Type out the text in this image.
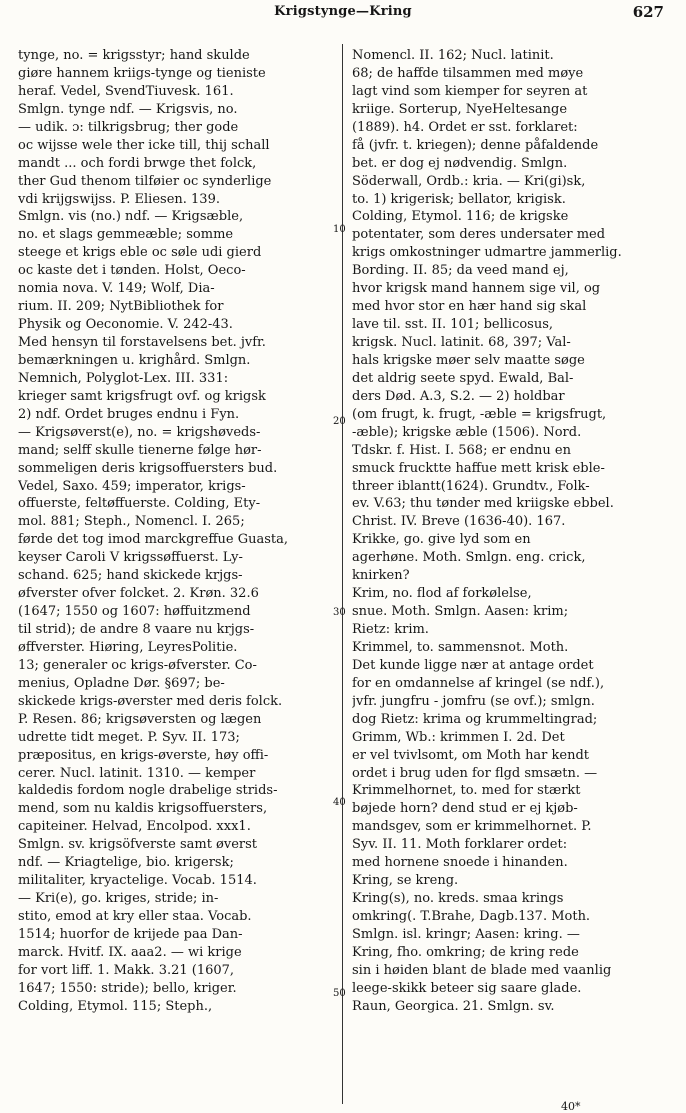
Krigstynge—Kring	627
tynge, no. = krigsstyr; hand skulde
giøre hannem kriigs-tynge og tieniste
heraf. Vedel, SvendTiuvesk. 161.
Smlgn. tynge ndf. — Krigsvis, no.
— udik. ɔ: tilkrigsbrug; ther gode
oc wijsse wele ther icke till, thij schall
mandt ... och fordi brwge thet folck,
ther Gud thenom tilføier oc synderlige
vdi krijgswijss. P. Eliesen. 139.
Smlgn. vis (no.) ndf. — Krigsæble,
no. et slags gemmeæble; somme
steege et krigs eble oc søle udi gierd
oc kaste det i tønden. Holst, Oeco-
nomia nova. V. 149; Wolf, Dia-
rium. II. 209; NytBibliothek for
Physik og Oeconomie. V. 242-43.
Med hensyn til forstavelsens bet. jvfr.
bemærkningen u. krighård. Smlgn.
Nemnich, Polyglot-Lex. III. 331:
krieger samt krigsfrugt ovf. og krigsk
2) ndf. Ordet bruges endnu i Fyn.
— Krigsøverst(e), no. = krigshøveds-
mand; selff skulle tienerne følge hør-
sommeligen deris krigsoffuersters bud.
Vedel, Saxo. 459; imperator, krigs-
offuerste, feltøffuerste. Colding, Ety-
mol. 881; Steph., Nomencl. I. 265;
førde det tog imod marckgreffue Guasta,
keyser Caroli V krigssøffuerst. Ly-
schand. 625; hand skickede krjgs-
øfverster ofver folcket. 2. Krøn. 32.6
(1647; 1550 og 1607: høffuitzmend
til strid); de andre 8 vaare nu krjgs-
øffverster. Hiøring, LeyresPolitie.
13; generaler oc krigs-øfverster. Co-
menius, Opladne Dør. §697; be-
skickede krigs-øverster med deris folck.
P. Resen. 86; krigsøversten og lægen
udrette tidt meget. P. Syv. II. 173;
præpositus, en krigs-øverste, høy offi-
cerer. Nucl. latinit. 1310. — kemper
kaldedis fordom nogle drabelige strids-
mend, som nu kaldis krigsoffuersters,
capiteiner. Helvad, Encolpod. xxx1.
Smlgn. sv. krigsöfverste samt øverst
ndf. — Kriagtelige, bio. krigersk;
militaliter, kryactelige. Vocab. 1514.
— Kri(e), go. kriges, stride; in-
stito, emod at kry eller staa. Vocab.
1514; huorfor de krijede paa Dan-
marck. Hvitf. IX. aaa2. — wi krige
for vort liff. 1. Makk. 3.21 (1607,
1647; 1550: stride); bello, kriger.
Colding, Etymol. 115; Steph.,
Nomencl. II. 162; Nucl. latinit.
68; de haffde tilsammen med møye
lagt vind som kiemper for seyren at
kriige. Sorterup, NyeHeltesange
(1889). h4. Ordet er sst. forklaret:
få (jvfr. t. kriegen); denne påfaldende
bet. er dog ej nødvendig. Smlgn.
Söderwall, Ordb.: kria. — Kri(gi)sk,
to. 1) krigerisk; bellator, krigisk.
Colding, Etymol. 116; de krigske
potentater, som deres undersater med
krigs omkostninger udmartre jammerlig.
Bording. II. 85; da veed mand ej,
hvor krigsk mand hannem sige vil, og
med hvor stor en hær hand sig skal
lave til. sst. II. 101; bellicosus,
krigsk. Nucl. latinit. 68, 397; Val-
hals krigske møer selv maatte søge
det aldrig seete spyd. Ewald, Bal-
ders Død. A.3, S.2. — 2) holdbar
(om frugt, k. frugt, -æble = krigsfrugt,
-æble); krigske æble (1506). Nord.
Tdskr. f. Hist. I. 568; er endnu en
smuck frucktte haffue mett krisk eble-
threer iblantt(1624). Grundtv., Folk-
ev. V.63; thu tønder med kriigske ebbel.
Christ. IV. Breve (1636-40). 167.
Krikke, go. give lyd som en
agerhøne. Moth. Smlgn. eng. crick,
knirken?
Krim, no. flod af forkølelse,
snue. Moth. Smlgn. Aasen: krim;
Rietz: krim.
Krimmel, to. sammensnot. Moth.
Det kunde ligge nær at antage ordet
for en omdannelse af kringel (se ndf.),
jvfr. jungfru - jomfru (se ovf.); smlgn.
dog Rietz: krima og krummeltingrad;
Grimm, Wb.: krimmen I. 2d. Det
er vel tvivlsomt, om Moth har kendt
ordet i brug uden for flgd smsætn. —
Krimmelhornet, to. med for stærkt
bøjede horn? dend stud er ej kjøb-
mandsgev, som er krimmelhornet. P.
Syv. II. 11. Moth forklarer ordet:
med hornene snoede i hinanden.
Kring, se kreng.
Kring(s), no. kreds. smaa krings
omkring(. T.Brahe, Dagb.137. Moth.
Smlgn. isl. kringr; Aasen: kring. —
Kring, fho. omkring; de kring rede
sin i høiden blant de blade med vaanlig
leege-skikk beteer sig saare glade.
Raun, Georgica. 21. Smlgn. sv.
10
20
30
40
50
40*
